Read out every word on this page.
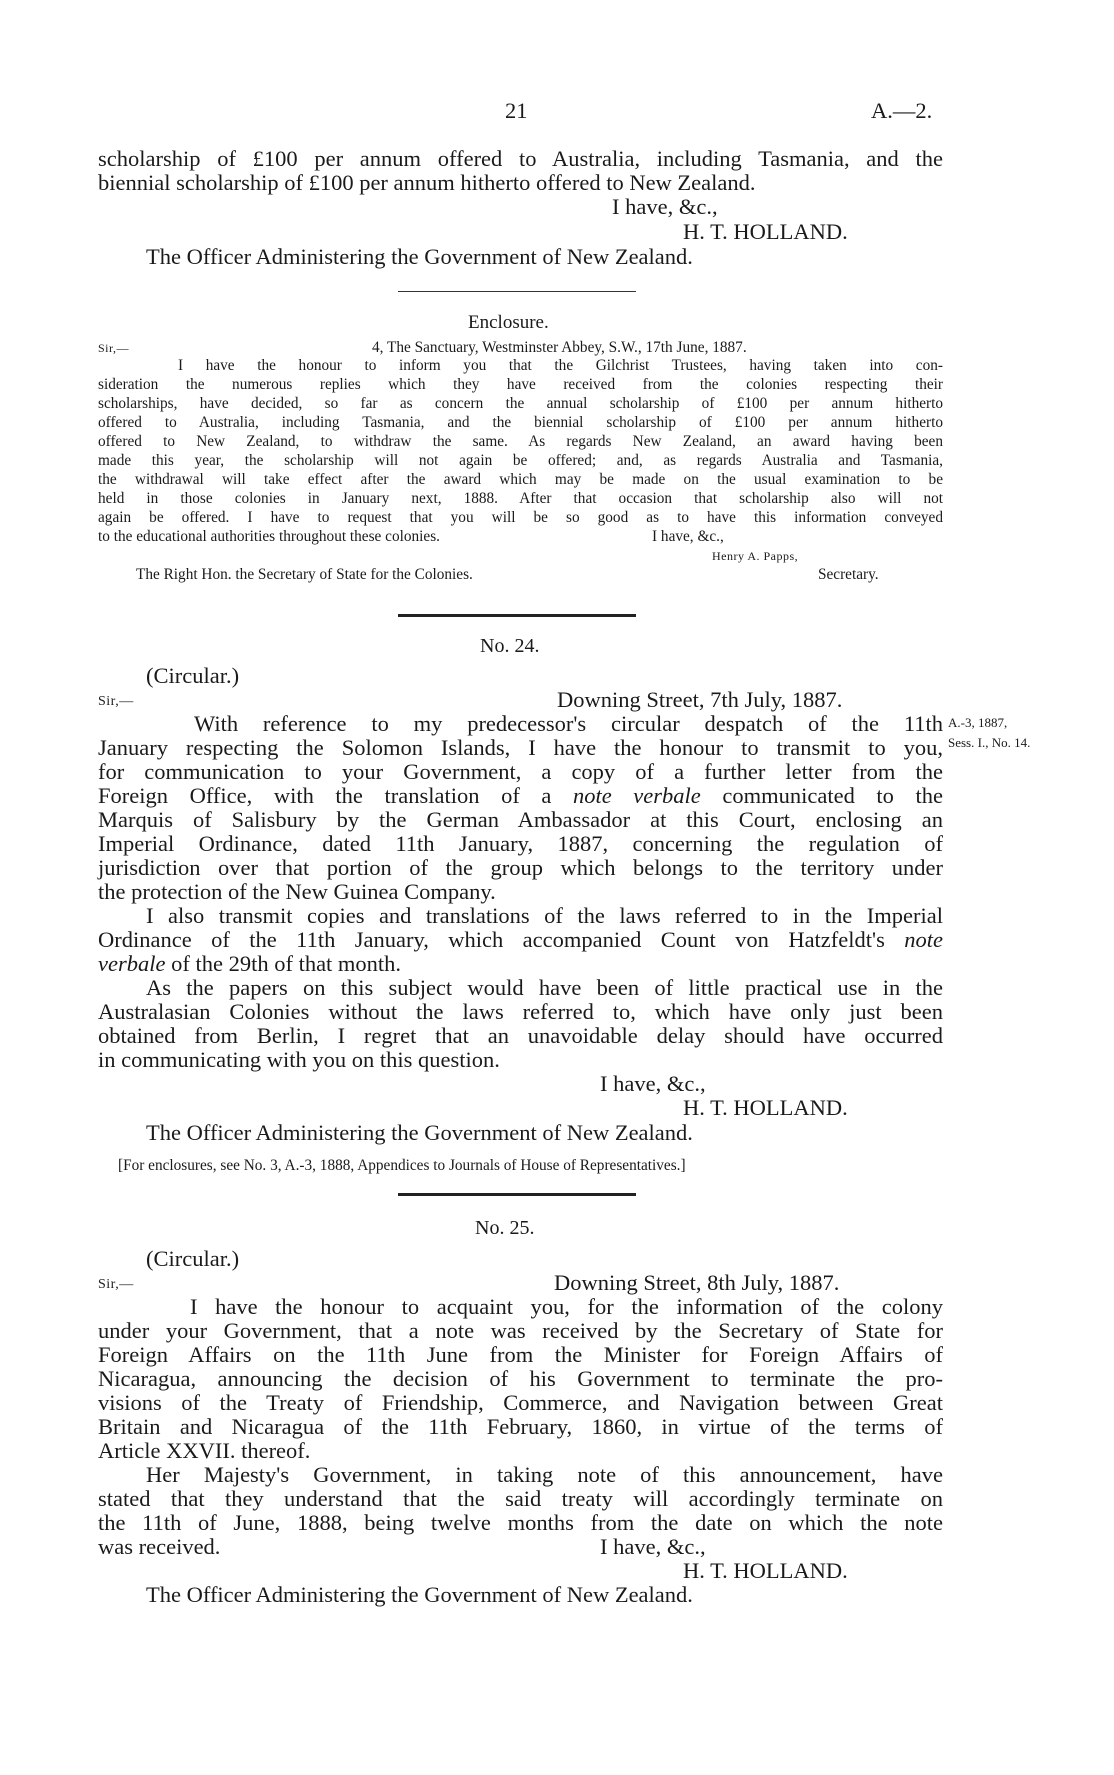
21	A.—2.
scholarship of £100 per annum offered to Australia, including Tasmania, and the
biennial scholarship of £100 per annum hitherto offered to New Zealand.
I have, &c.,
H. T. HOLLAND.
The Officer Administering the Government of New Zealand.
Enclosure.
Sir,—	4, The Sanctuary, Westminster Abbey, S.W., 17th June, 1887.
I have the honour to inform you that the Gilchrist Trustees, having taken into con-
sideration the numerous replies which they have received from the colonies respecting their
scholarships, have decided, so far as concern the annual scholarship of £100 per annum hitherto
offered to Australia, including Tasmania, and the biennial scholarship of £100 per annum hitherto
offered to New Zealand, to withdraw the same. As regards New Zealand, an award having been
made this year, the scholarship will not again be offered; and, as regards Australia and Tasmania,
the withdrawal will take effect after the award which may be made on the usual examination to be
held in those colonies in January next, 1888. After that occasion that scholarship also will not
again be offered. I have to request that you will be so good as to have this information conveyed
to the educational authorities throughout these colonies.	I have, &c.,
Henry A. Papps,
The Right Hon. the Secretary of State for the Colonies.	Secretary.
No. 24.
(Circular.)
Sir,—	Downing Street, 7th July, 1887.
A.-3, 1887,
Sess. I., No. 14.
With reference to my predecessor's circular despatch of the 11th
January respecting the Solomon Islands, I have the honour to transmit to you,
for communication to your Government, a copy of a further letter from the
Foreign Office, with the translation of a note verbale communicated to the
Marquis of Salisbury by the German Ambassador at this Court, enclosing an
Imperial Ordinance, dated 11th January, 1887, concerning the regulation of
jurisdiction over that portion of the group which belongs to the territory under
the protection of the New Guinea Company.
I also transmit copies and translations of the laws referred to in the Imperial
Ordinance of the 11th January, which accompanied Count von Hatzfeldt's note
verbale of the 29th of that month.
As the papers on this subject would have been of little practical use in the
Australasian Colonies without the laws referred to, which have only just been
obtained from Berlin, I regret that an unavoidable delay should have occurred
in communicating with you on this question.
I have, &c.,
H. T. HOLLAND.
The Officer Administering the Government of New Zealand.
[For enclosures, see No. 3, A.-3, 1888, Appendices to Journals of House of Representatives.]
No. 25.
(Circular.)
Sir,—	Downing Street, 8th July, 1887.
I have the honour to acquaint you, for the information of the colony
under your Government, that a note was received by the Secretary of State for
Foreign Affairs on the 11th June from the Minister for Foreign Affairs of
Nicaragua, announcing the decision of his Government to terminate the pro-
visions of the Treaty of Friendship, Commerce, and Navigation between Great
Britain and Nicaragua of the 11th February, 1860, in virtue of the terms of
Article XXVII. thereof.
Her Majesty's Government, in taking note of this announcement, have
stated that they understand that the said treaty will accordingly terminate on
the 11th of June, 1888, being twelve months from the date on which the note
was received.	I have, &c.,
H. T. HOLLAND.
The Officer Administering the Government of New Zealand.
